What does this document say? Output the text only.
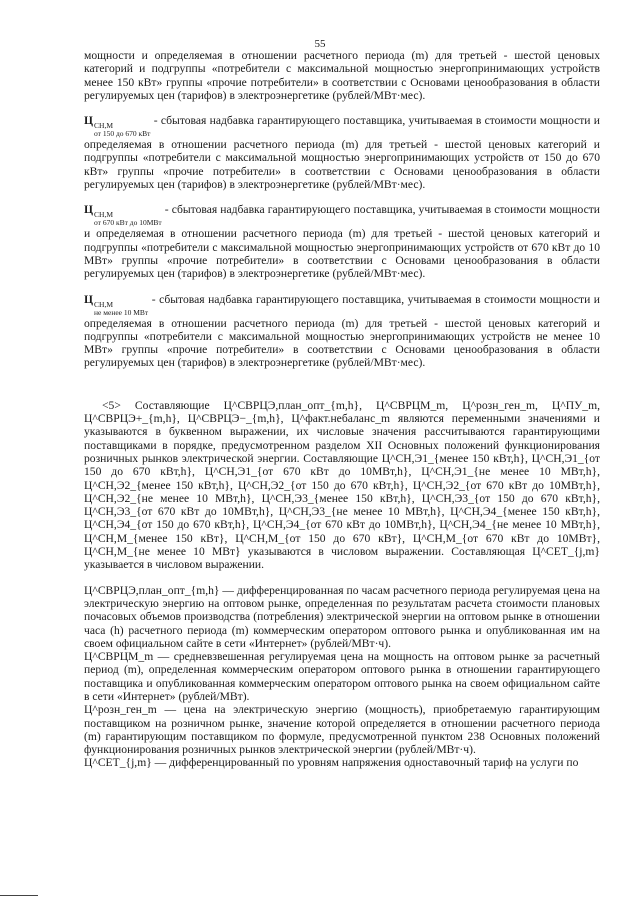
55

мощности и определяемая в отношении расчетного периода (m) для третьей - шестой ценовых категорий и подгруппы «потребители с максимальной мощностью энергопринимающих устройств менее 150 кВт» группы «прочие потребители» в соответствии с Основами ценообразования в области регулируемых цен (тарифов) в электроэнергетике (рублей/МВт·мес).

Ц СН,М
от 150 до 670 кВт
- сбытовая надбавка гарантирующего поставщика, учитываемая в стоимости мощности и определяемая в отношении расчетного периода (m) для третьей - шестой ценовых категорий и подгруппы «потребители с максимальной мощностью энергопринимающих устройств от 150 до 670 кВт» группы «прочие потребители» в соответствии с Основами ценообразования в области регулируемых цен (тарифов) в электроэнергетике (рублей/МВт·мес).

Ц СН,М
от 670 кВт до 10МВт
- сбытовая надбавка гарантирующего поставщика, учитываемая в стоимости мощности и определяемая в отношении расчетного периода (m) для третьей - шестой ценовых категорий и подгруппы «потребители с максимальной мощностью энергопринимающих устройств от 670 кВт до 10 МВт» группы «прочие потребители» в соответствии с Основами ценообразования в области регулируемых цен (тарифов) в электроэнергетике (рублей/МВт·мес).

Ц СН,М
не менее 10 МВт
- сбытовая надбавка гарантирующего поставщика, учитываемая в стоимости мощности и определяемая в отношении расчетного периода (m) для третьей - шестой ценовых категорий и подгруппы «потребители с максимальной мощностью энергопринимающих устройств не менее 10 МВт» группы «прочие потребители» в соответствии с Основами ценообразования в области регулируемых цен (тарифов) в электроэнергетике (рублей/МВт·мес).

<5> Составляющие Ц^СВРЦЭ,план_опт_{m,h}, Ц^СВРЦМ_m, Ц^розн_ген_m, Ц^ПУ_m, Ц^СВРЦЭ+_{m,h}, Ц^СВРЦЭ−_{m,h}, Ц^факт.небаланс_m являются переменными значениями и указываются в буквенном выражении, их числовые значения рассчитываются гарантирующими поставщиками в порядке, предусмотренном разделом XII Основных положений функционирования розничных рынков электрической энергии. Составляющие Ц^СН,Э1_{менее 150 кВт,h}, Ц^СН,Э1_{от 150 до 670 кВт,h}, Ц^СН,Э1_{от 670 кВт до 10МВт,h}, Ц^СН,Э1_{не менее 10 МВт,h}, Ц^СН,Э2_{менее 150 кВт,h}, Ц^СН,Э2_{от 150 до 670 кВт,h}, Ц^СН,Э2_{от 670 кВт до 10МВт,h}, Ц^СН,Э2_{не менее 10 МВт,h}, Ц^СН,Э3_{менее 150 кВт,h}, Ц^СН,Э3_{от 150 до 670 кВт,h}, Ц^СН,Э3_{от 670 кВт до 10МВт,h}, Ц^СН,Э3_{не менее 10 МВт,h}, Ц^СН,Э4_{менее 150 кВт,h}, Ц^СН,Э4_{от 150 до 670 кВт,h}, Ц^СН,Э4_{от 670 кВт до 10МВт,h}, Ц^СН,Э4_{не менее 10 МВт,h}, Ц^СН,М_{менее 150 кВт}, Ц^СН,М_{от 150 до 670 кВт}, Ц^СН,М_{от 670 кВт до 10МВт}, Ц^СН,М_{не менее 10 МВт} указываются в числовом выражении. Составляющая Ц^СЕТ_{j,m} указывается в числовом выражении.

Ц^СВРЦЭ,план_опт_{m,h} — дифференцированная по часам расчетного периода регулируемая цена на электрическую энергию на оптовом рынке, определенная по результатам расчета стоимости плановых почасовых объемов производства (потребления) электрической энергии на оптовом рынке в отношении часа (h) расчетного периода (m) коммерческим оператором оптового рынка и опубликованная им на своем официальном сайте в сети «Интернет» (рублей/МВт·ч).

Ц^СВРЦМ_m — средневзвешенная регулируемая цена на мощность на оптовом рынке за расчетный период (m), определенная коммерческим оператором оптового рынка в отношении гарантирующего поставщика и опубликованная коммерческим оператором оптового рынка на своем официальном сайте в сети «Интернет» (рублей/МВт).

Ц^розн_ген_m — цена на электрическую энергию (мощность), приобретаемую гарантирующим поставщиком на розничном рынке, значение которой определяется в отношении расчетного периода (m) гарантирующим поставщиком по формуле, предусмотренной пунктом 238 Основных положений функционирования розничных рынков электрической энергии (рублей/МВт·ч).

Ц^СЕТ_{j,m} — дифференцированный по уровням напряжения одноставочный тариф на услуги по
